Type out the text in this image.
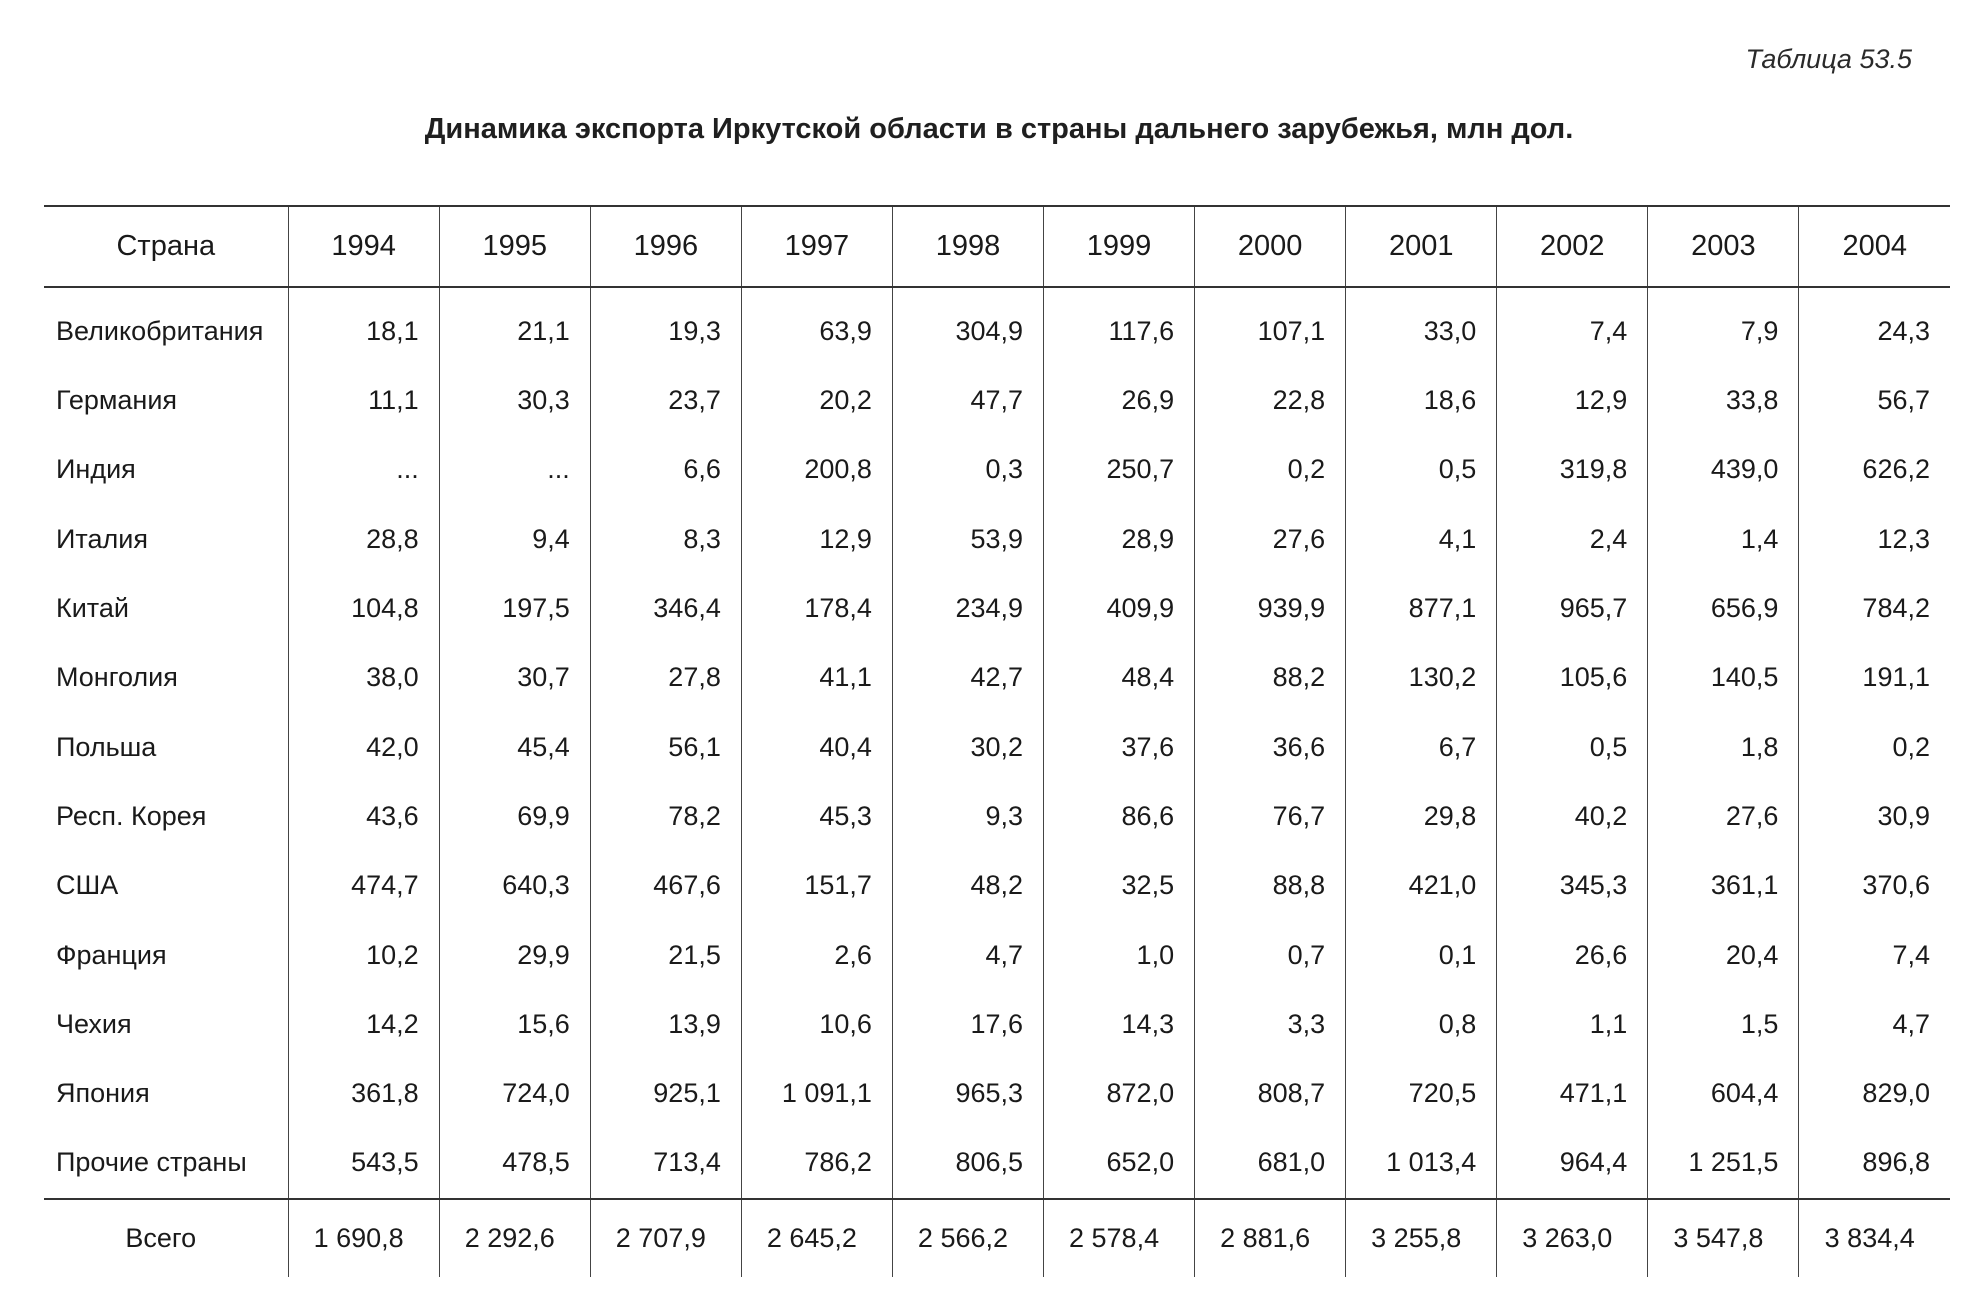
Таблица 53.5
Динамика экспорта Иркутской области в страны дальнего зарубежья, млн дол.
Страна	1994	1995	1996	1997	1998	1999	2000	2001	2002	2003	2004
Великобритания	18,1	21,1	19,3	63,9	304,9	117,6	107,1	33,0	7,4	7,9	24,3
Германия	11,1	30,3	23,7	20,2	47,7	26,9	22,8	18,6	12,9	33,8	56,7
Индия	...	...	6,6	200,8	0,3	250,7	0,2	0,5	319,8	439,0	626,2
Италия	28,8	9,4	8,3	12,9	53,9	28,9	27,6	4,1	2,4	1,4	12,3
Китай	104,8	197,5	346,4	178,4	234,9	409,9	939,9	877,1	965,7	656,9	784,2
Монголия	38,0	30,7	27,8	41,1	42,7	48,4	88,2	130,2	105,6	140,5	191,1
Польша	42,0	45,4	56,1	40,4	30,2	37,6	36,6	6,7	0,5	1,8	0,2
Респ. Корея	43,6	69,9	78,2	45,3	9,3	86,6	76,7	29,8	40,2	27,6	30,9
США	474,7	640,3	467,6	151,7	48,2	32,5	88,8	421,0	345,3	361,1	370,6
Франция	10,2	29,9	21,5	2,6	4,7	1,0	0,7	0,1	26,6	20,4	7,4
Чехия	14,2	15,6	13,9	10,6	17,6	14,3	3,3	0,8	1,1	1,5	4,7
Япония	361,8	724,0	925,1	1 091,1	965,3	872,0	808,7	720,5	471,1	604,4	829,0
Прочие страны	543,5	478,5	713,4	786,2	806,5	652,0	681,0	1 013,4	964,4	1 251,5	896,8
Всего	1 690,8	2 292,6	2 707,9	2 645,2	2 566,2	2 578,4	2 881,6	3 255,8	3 263,0	3 547,8	3 834,4
